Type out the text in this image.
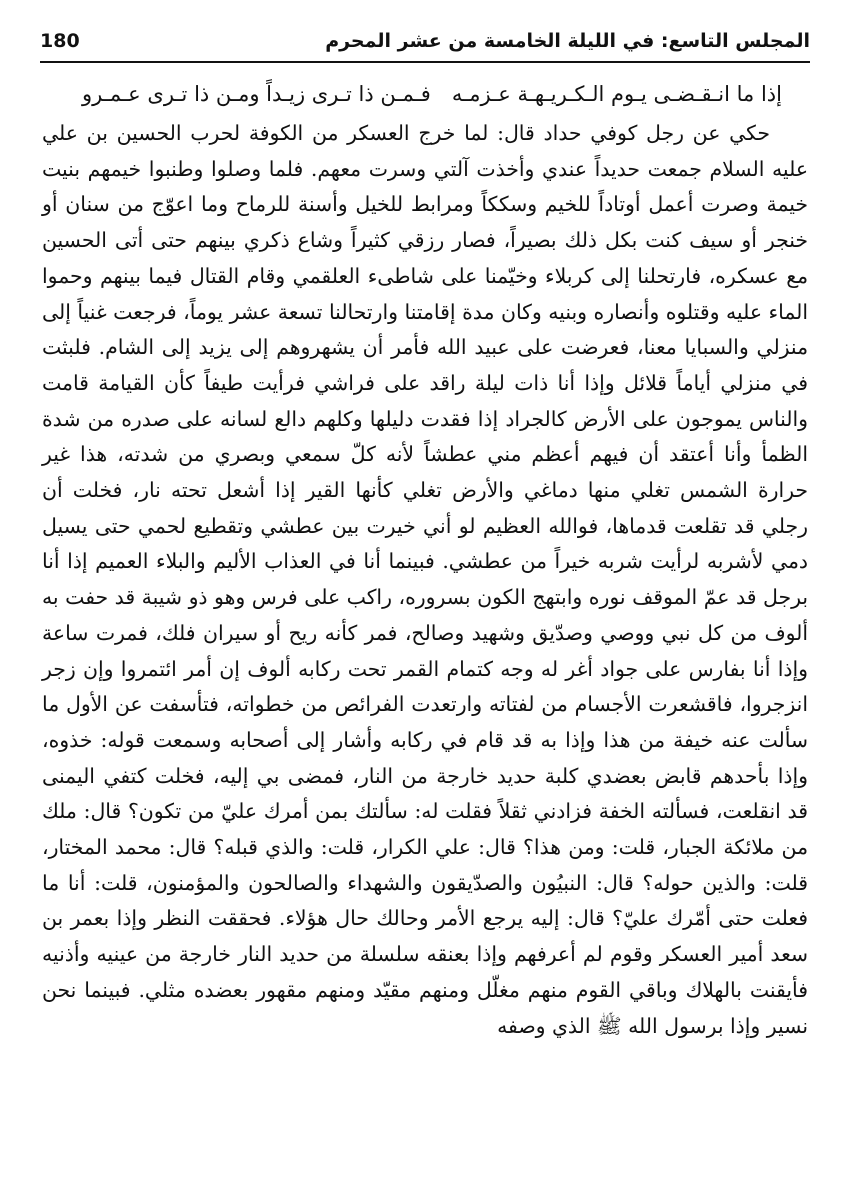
المجلس التاسع: في الليلة الخامسة من عشر المحرم
180
إذا ما انـقـضـى يـوم الـكـريـهـة عـزمـه
فـمـن ذا تـرى زيـداً ومـن ذا تـرى عـمـرو

حكي عن رجل كوفي حداد قال: لما خرج العسكر من الكوفة لحرب الحسين بن علي عليه السلام جمعت حديداً عندي وأخذت آلتي وسرت معهم. فلما وصلوا وطنبوا خيمهم بنيت خيمة وصرت أعمل أوتاداً للخيم وسككاً ومرابط للخيل وأسنة للرماح وما اعوّج من سنان أو خنجر أو سيف كنت بكل ذلك بصيراً، فصار رزقي كثيراً وشاع ذكري بينهم حتى أتى الحسين مع عسكره، فارتحلنا إلى كربلاء وخيّمنا على شاطىء العلقمي وقام القتال فيما بينهم وحموا الماء عليه وقتلوه وأنصاره وبنيه وكان مدة إقامتنا وارتحالنا تسعة عشر يوماً، فرجعت غنياً إلى منزلي والسبايا معنا، فعرضت على عبيد الله فأمر أن يشهروهم إلى يزيد إلى الشام. فلبثت في منزلي أياماً قلائل وإذا أنا ذات ليلة راقد على فراشي فرأيت طيفاً كأن القيامة قامت والناس يموجون على الأرض كالجراد إذا فقدت دليلها وكلهم دالع لسانه على صدره من شدة الظمأ وأنا أعتقد أن فيهم أعظم مني عطشاً لأنه كلّ سمعي وبصري من شدته، هذا غير حرارة الشمس تغلي منها دماغي والأرض تغلي كأنها القير إذا أشعل تحته نار، فخلت أن رجلي قد تقلعت قدماها، فوالله العظيم لو أني خيرت بين عطشي وتقطيع لحمي حتى يسيل دمي لأشربه لرأيت شربه خيراً من عطشي. فبينما أنا في العذاب الأليم والبلاء العميم إذا أنا برجل قد عمّ الموقف نوره وابتهج الكون بسروره، راكب على فرس وهو ذو شيبة قد حفت به ألوف من كل نبي ووصي وصدّيق وشهيد وصالح، فمر كأنه ريح أو سيران فلك، فمرت ساعة وإذا أنا بفارس على جواد أغر له وجه كتمام القمر تحت ركابه ألوف إن أمر ائتمروا وإن زجر انزجروا، فاقشعرت الأجسام من لفتاته وارتعدت الفرائص من خطواته، فتأسفت عن الأول ما سألت عنه خيفة من هذا وإذا به قد قام في ركابه وأشار إلى أصحابه وسمعت قوله: خذوه، وإذا بأحدهم قابض بعضدي كلبة حديد خارجة من النار، فمضى بي إليه، فخلت كتفي اليمنى قد انقلعت، فسألته الخفة فزادني ثقلاً فقلت له: سألتك بمن أمرك عليّ من تكون؟ قال: ملك من ملائكة الجبار، قلت: ومن هذا؟ قال: علي الكرار، قلت: والذي قبله؟ قال: محمد المختار، قلت: والذين حوله؟ قال: النبيُون والصدّيقون والشهداء والصالحون والمؤمنون، قلت: أنا ما فعلت حتى أمّرك عليّ؟ قال: إليه يرجع الأمر وحالك حال هؤلاء. فحققت النظر وإذا بعمر بن سعد أمير العسكر وقوم لم أعرفهم وإذا بعنقه سلسلة من حديد النار خارجة من عينيه وأذنيه فأيقنت بالهلاك وباقي القوم منهم مغلّل ومنهم مقيّد ومنهم مقهور بعضده مثلي. فبينما نحن نسير وإذا برسول الله ﷺ الذي وصفه
